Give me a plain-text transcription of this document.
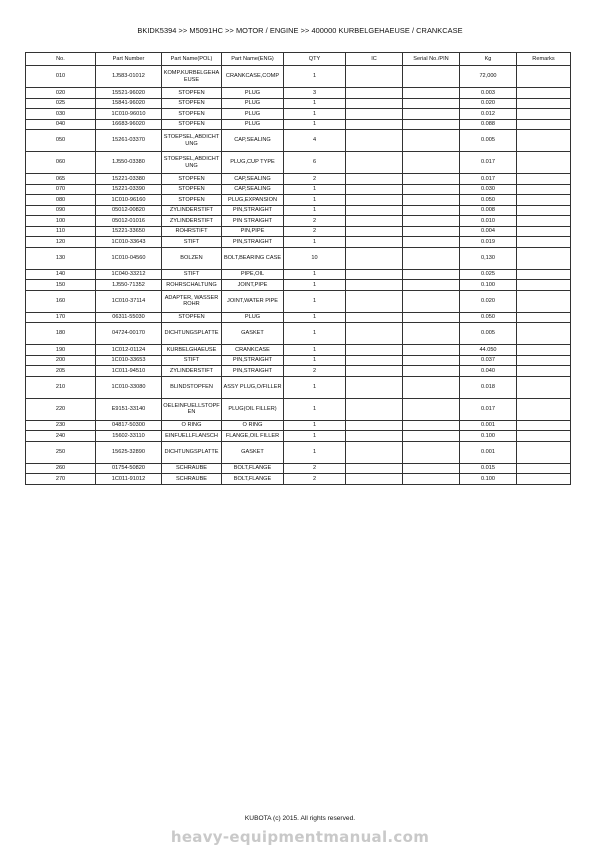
BKIDK5394 >> M5091HC >> MOTOR / ENGINE >> 400000 KURBELGEHAEUSE / CRANKCASE
No.	Part Number	Part Name(POL)	Part Name(ENG)	QTY	IC	Serial No./PIN	Kg	Remarks
010	1J583-01012	KOMP.KURBELGEHAEUSE	CRANKCASE,COMP	1			72,000	
020	15521-96020	STOPFEN	PLUG	3			0.003	
025	15841-96020	STOPFEN	PLUG	1			0.020	
030	1C010-96010	STOPFEN	PLUG	1			0.012	
040	16683-96020	STOPFEN	PLUG	1			0.088	
050	15261-03370	STOEPSEL,ABDICHTUNG	CAP,SEALING	4			0.005	
060	1J550-03380	STOEPSEL,ABDICHTUNG	PLUG,CUP TYPE	6			0.017	
065	15221-03380	STOPFEN	CAP,SEALING	2			0.017	
070	15221-03390	STOPFEN	CAP,SEALING	1			0.030	
080	1C010-96160	STOPFEN	PLUG,EXPANSION	1			0.050	
090	05012-00820	ZYLINDERSTIFT	PIN,STRAIGHT	1			0.008	
100	05012-01016	ZYLINDERSTIFT	PIN STRAIGHT	2			0.010	
110	15221-33650	ROHRSTIFT	PIN,PIPE	2			0.004	
120	1C010-33643	STIFT	PIN,STRAIGHT	1			0.019	
130	1C010-04560	BOLZEN	BOLT,BEARING CASE	10			0,130	
140	1C040-33212	STIFT	PIPE,OIL	1			0.025	
150	1J550-71352	ROHRSCHALTUNG	JOINT,PIPE	1			0.100	
160	1C010-37114	ADAPTER, WASSERROHR	JOINT,WATER PIPE	1			0.020	
170	06311-55030	STOPFEN	PLUG	1			0.050	
180	04724-00170	DICHTUNGSPLATTE	GASKET	1			0.005	
190	1C012-01124	KURBELGHAEUSE	CRANKCASE	1			44.050	
200	1C010-33653	STIFT	PIN,STRAIGHT	1			0.037	
205	1C011-94510	ZYLINDERSTIFT	PIN,STRAIGHT	2			0.040	
210	1C010-33080	BLINDSTOPFEN	ASSY PLUG,O/FILLER	1			0.018	
220	E9151-33140	OELEINFUELLSTOPFEN	PLUG(OIL FILLER)	1			0.017	
230	04817-50300	O RING	O RING	1			0.001	
240	15602-33110	EINFUELLFLANSCH	FLANGE,OIL FILLER	1			0.100	
250	15625-32890	DICHTUNGSPLATTE	GASKET	1			0.001	
260	01754-50820	SCHRAUBE	BOLT,FLANGE	2			0.015	
270	1C011-91012	SCHRAUBE	BOLT,FLANGE	2			0.100	
KUBOTA (c) 2015. All rights reserved.
heavy-equipmentmanual.com
